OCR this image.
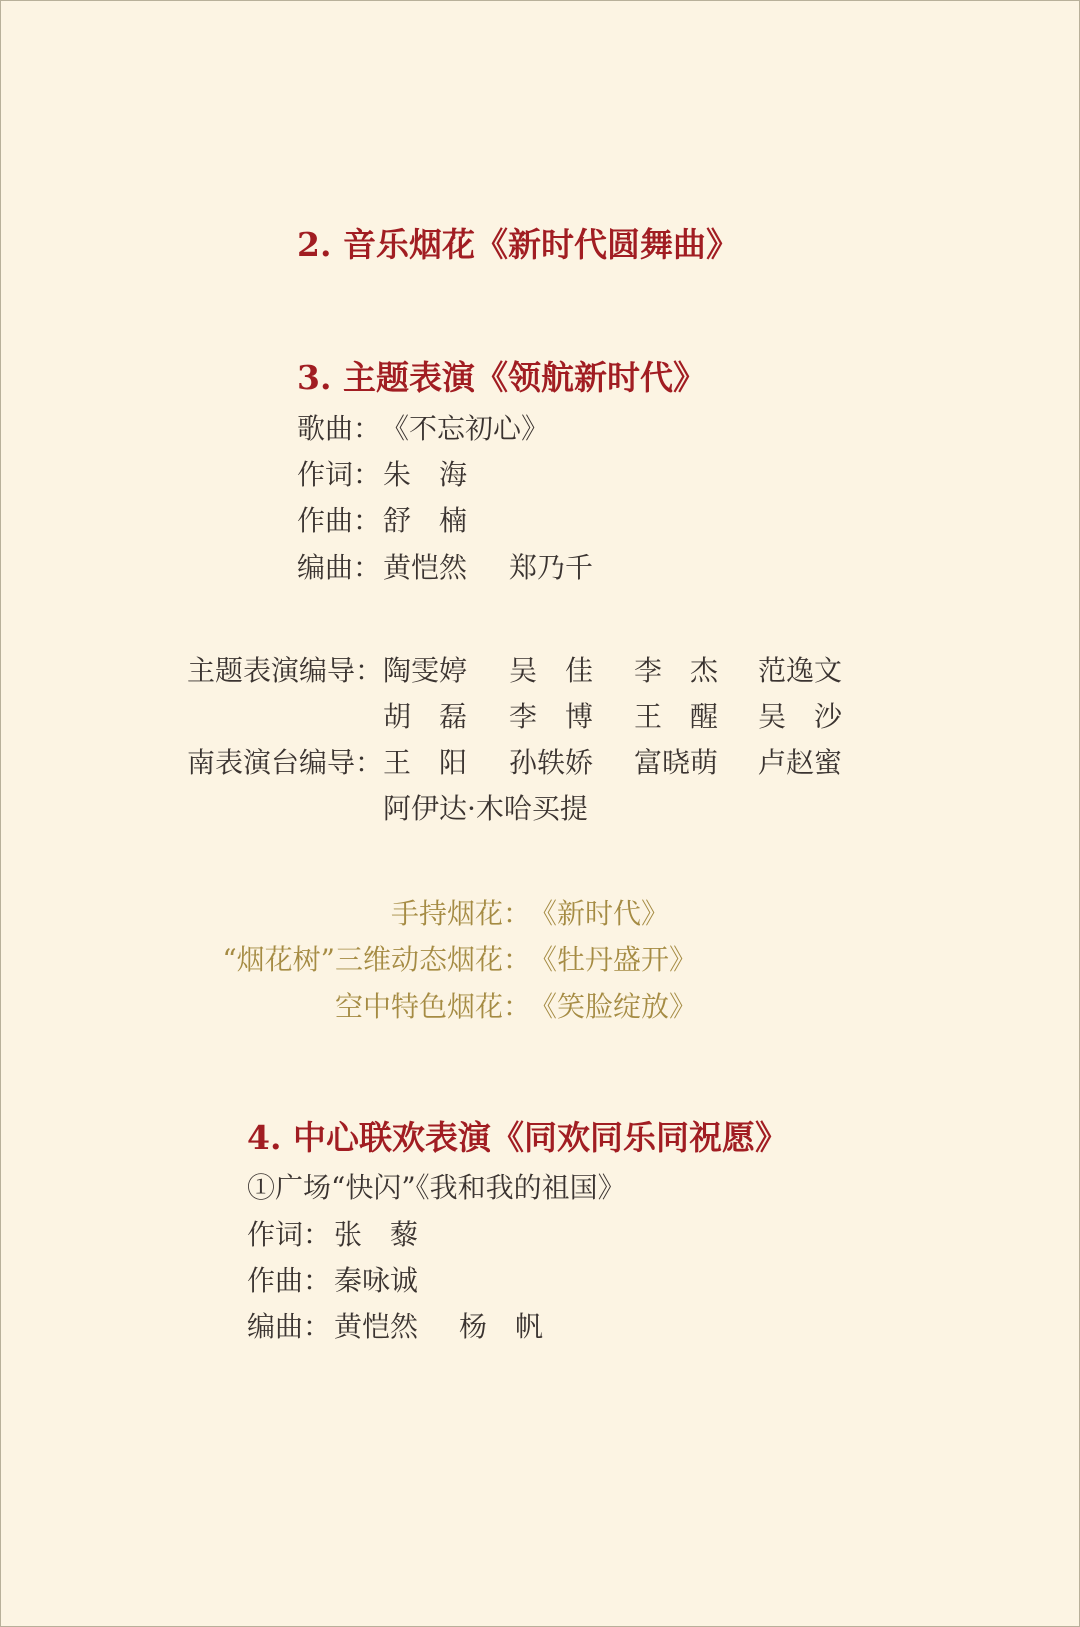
2. 音乐烟花《新时代圆舞曲》
3. 主题表演《领航新时代》
歌曲： 《不忘初心》
作词： 朱　海
作曲： 舒　楠
编曲： 黄恺然 郑乃千
主题表演编导： 陶雯婷 吴　佳 李　杰 范逸文
胡　磊 李　博 王　醒 吴　沙
南表演台编导： 王　阳 孙轶娇 富晓萌 卢赵蜜
阿伊达·木哈买提
手持烟花：
《新时代》
“烟花树”三维动态烟花：
《牡丹盛开》
空中特色烟花：
《笑脸绽放》
4. 中心联欢表演《同欢同乐同祝愿》
①广场“快闪”《我和我的祖国》
作词： 张　藜
作曲： 秦咏诚
编曲： 黄恺然 杨　帆
